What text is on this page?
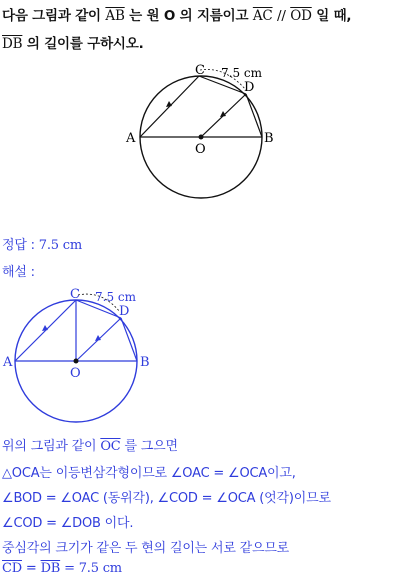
다음 그림과 같이 $\overline{AB}$ 는 원 O 의 지름이고 $\overline{AC} // \overline{OD}$ 일 때,
$\overline{DB}$ 의 길이를 구하시오.
A	B
C
D
O
7.5 cm
정답 : 7.5 cm
해설 :
A	B
C
D
O
7.5 cm
위의 그림과 같이 $\overline{OC}$ 를 그으면
△OCA는 이등변삼각형이므로 ∠OAC = ∠OCA이고,
∠BOD = ∠OAC (동위각), ∠COD = ∠OCA (엇각)이므로
∠COD = ∠DOB 이다.
중심각의 크기가 같은 두 현의 길이는 서로 같으므로
$\overline{CD} = \overline{DB} = 7.5$ cm
